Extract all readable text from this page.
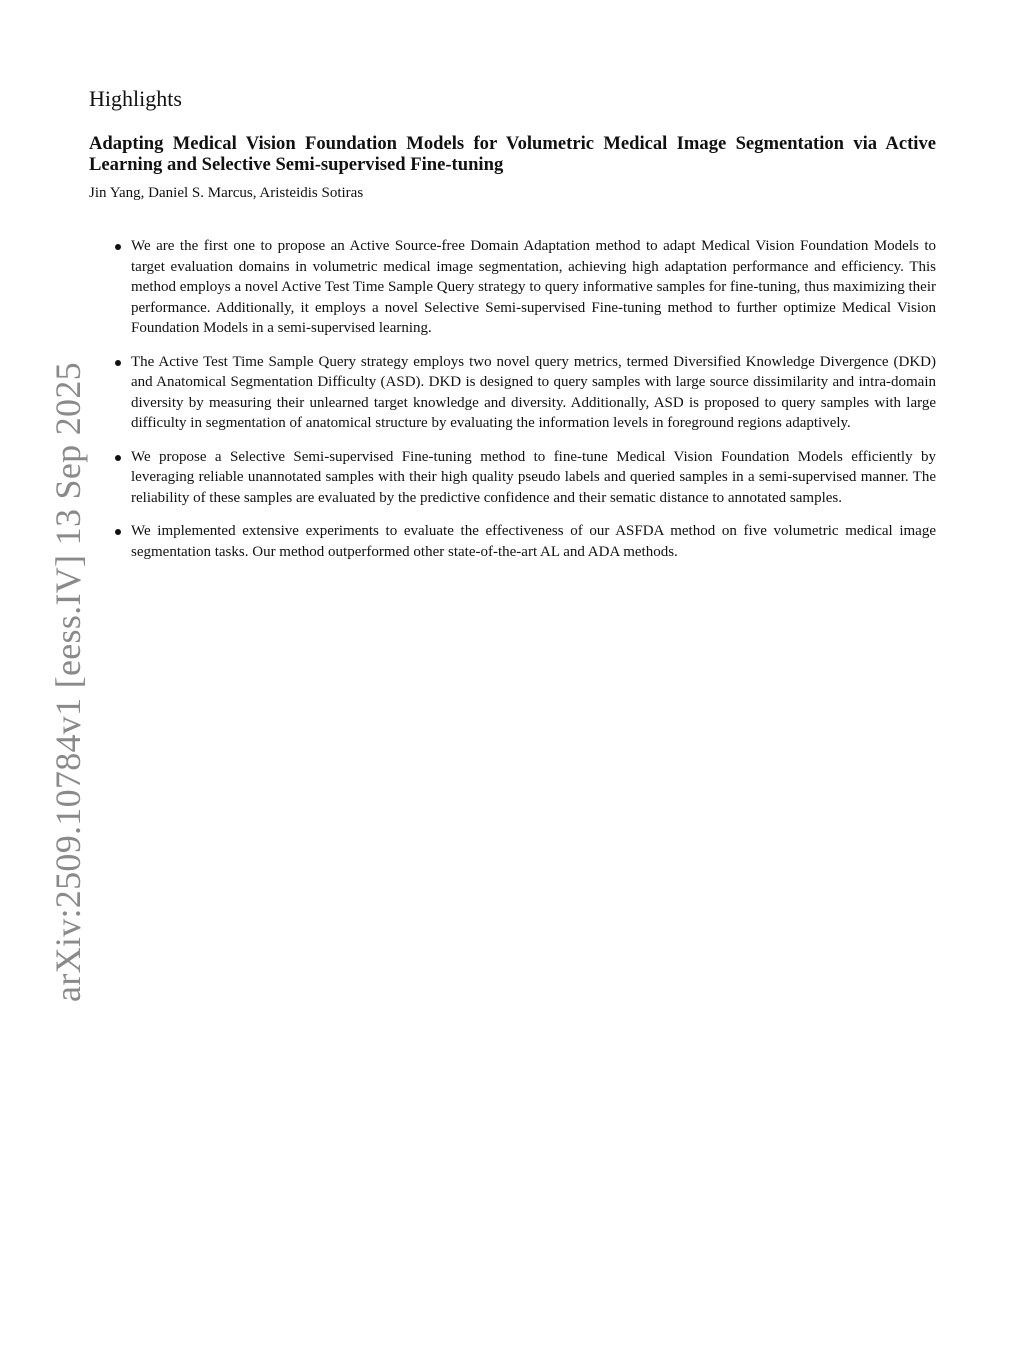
arXiv:2509.10784v1 [eess.IV] 13 Sep 2025
Highlights
Adapting Medical Vision Foundation Models for Volumetric Medical Image Segmentation via Active Learning and Selective Semi-supervised Fine-tuning
Jin Yang, Daniel S. Marcus, Aristeidis Sotiras
We are the first one to propose an Active Source-free Domain Adaptation method to adapt Medical Vision Foundation Models to target evaluation domains in volumetric medical image segmentation, achieving high adaptation performance and efficiency. This method employs a novel Active Test Time Sample Query strategy to query informative samples for fine-tuning, thus maximizing their performance. Additionally, it employs a novel Selective Semi-supervised Fine-tuning method to further optimize Medical Vision Foundation Models in a semi-supervised learning.
The Active Test Time Sample Query strategy employs two novel query metrics, termed Diversified Knowledge Divergence (DKD) and Anatomical Segmentation Difficulty (ASD). DKD is designed to query samples with large source dissimilarity and intra-domain diversity by measuring their unlearned target knowledge and diversity. Additionally, ASD is proposed to query samples with large difficulty in segmentation of anatomical structure by evaluating the information levels in foreground regions adaptively.
We propose a Selective Semi-supervised Fine-tuning method to fine-tune Medical Vision Foundation Models efficiently by leveraging reliable unannotated samples with their high quality pseudo labels and queried samples in a semi-supervised manner. The reliability of these samples are evaluated by the predictive confidence and their sematic distance to annotated samples.
We implemented extensive experiments to evaluate the effectiveness of our ASFDA method on five volumetric medical image segmentation tasks. Our method outperformed other state-of-the-art AL and ADA methods.
